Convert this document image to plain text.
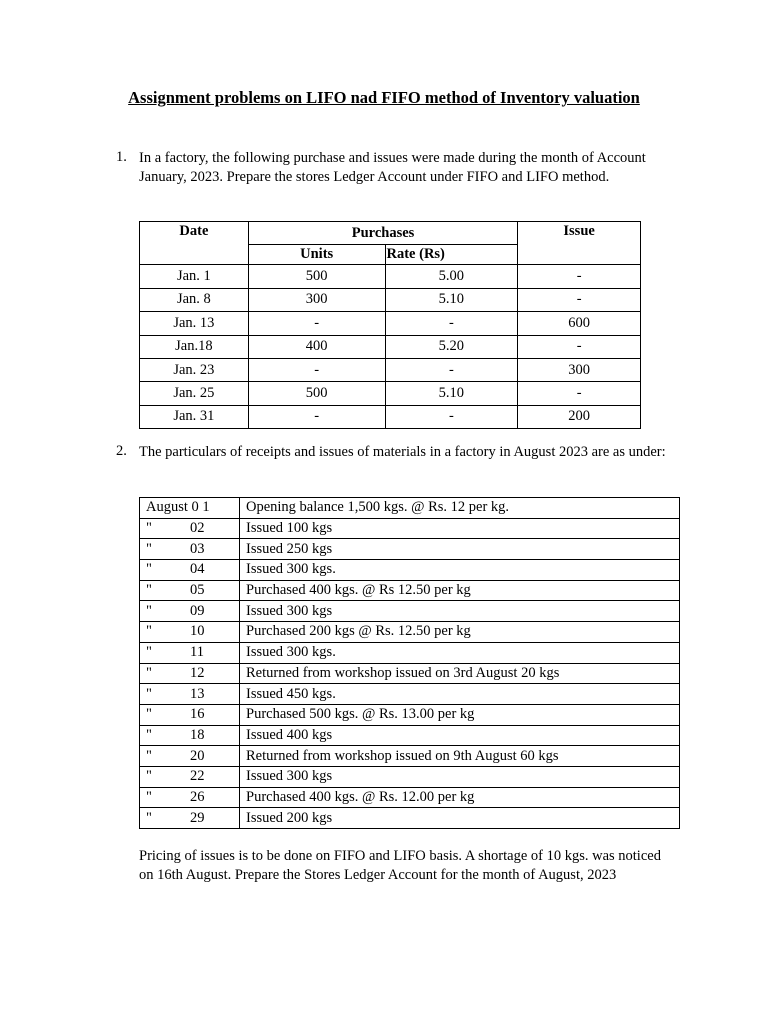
Assignment problems on LIFO nad FIFO method of Inventory valuation
1. In a factory, the following purchase and issues were made during the month of Account January, 2023. Prepare the stores Ledger Account under FIFO and LIFO method.
Date	Purchases		Issue
	Units	Rate (Rs)	
Jan. 1	500	5.00	-
Jan. 8	300	5.10	-
Jan. 13	-	-	600
Jan.18	400	5.20	-
Jan. 23	-	-	300
Jan. 25	500	5.10	-
Jan. 31	-	-	200
2. The particulars of receipts and issues of materials in a factory in August 2023 are as under:
August 0 1	Opening balance 1,500 kgs. @ Rs. 12 per kg.
" 02	Issued 100 kgs
" 03	Issued 250 kgs
" 04	Issued 300 kgs.
" 05	Purchased 400 kgs. @ Rs 12.50 per kg
" 09	Issued 300 kgs
" 10	Purchased 200 kgs @ Rs. 12.50 per kg
" 11	Issued 300 kgs.
" 12	Returned from workshop issued on 3rd August 20 kgs
" 13	Issued 450 kgs.
" 16	Purchased 500 kgs. @ Rs. 13.00 per kg
" 18	Issued 400 kgs
" 20	Returned from workshop issued on 9th August 60 kgs
" 22	Issued 300 kgs
" 26	Purchased 400 kgs. @ Rs. 12.00 per kg
" 29	Issued 200 kgs
Pricing of issues is to be done on FIFO and LIFO basis. A shortage of 10 kgs. was noticed on 16th August. Prepare the Stores Ledger Account for the month of August, 2023
